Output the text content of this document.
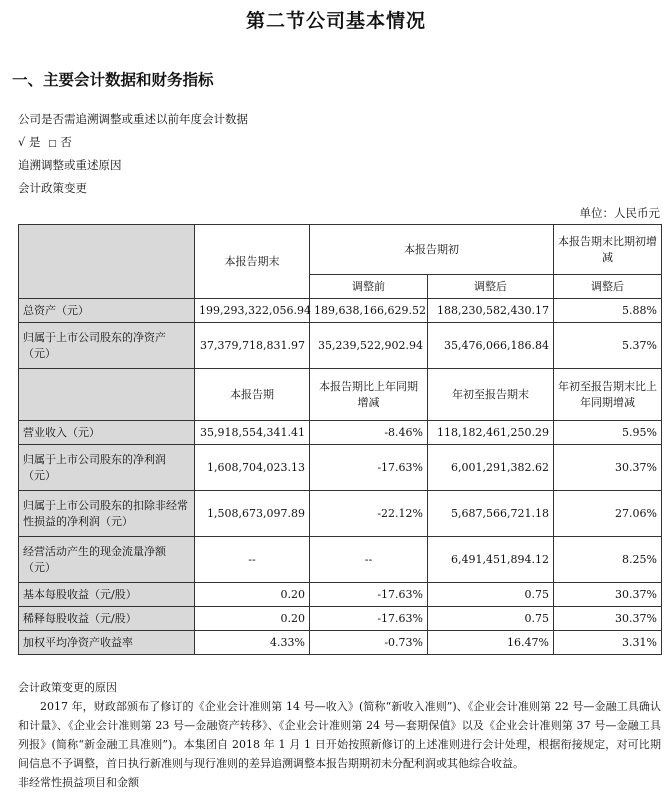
第二节公司基本情况
一、主要会计数据和财务指标
公司是否需追溯调整或重述以前年度会计数据
√ 是 □ 否
追溯调整或重述原因
会计政策变更
单位：人民币元
	本报告期末	本报告期初		本报告期末比期初增减
		调整前	调整后	调整后
总资产（元）	199,293,322,056.94	189,638,166,629.52	188,230,582,430.17	5.88%
归属于上市公司股东的净资产（元）	37,379,718,831.97	35,239,522,902.94	35,476,066,186.84	5.37%
	本报告期	本报告期比上年同期增减	年初至报告期末	年初至报告期末比上年同期增减
营业收入（元）	35,918,554,341.41	-8.46%	118,182,461,250.29	5.95%
归属于上市公司股东的净利润（元）	1,608,704,023.13	-17.63%	6,001,291,382.62	30.37%
归属于上市公司股东的扣除非经常性损益的净利润（元）	1,508,673,097.89	-22.12%	5,687,566,721.18	27.06%
经营活动产生的现金流量净额（元）	--	--	6,491,451,894.12	8.25%
基本每股收益（元/股）	0.20	-17.63%	0.75	30.37%
稀释每股收益（元/股）	0.20	-17.63%	0.75	30.37%
加权平均净资产收益率	4.33%	-0.73%	16.47%	3.31%

会计政策变更的原因

2017 年，财政部颁布了修订的《企业会计准则第 14 号—收入》(简称“新收入准则”)、《企业会计准则第 22 号—金融工具确认和计量》、《企业会计准则第 23 号—金融资产转移》、《企业会计准则第 24 号—套期保值》以及《企业会计准则第 37 号—金融工具列报》(简称“新金融工具准则”)。本集团自 2018 年 1 月 1 日开始按照新修订的上述准则进行会计处理，根据衔接规定，对可比期间信息不予调整，首日执行新准则与现行准则的差异追溯调整本报告期期初未分配利润或其他综合收益。

非经常性损益项目和金额
